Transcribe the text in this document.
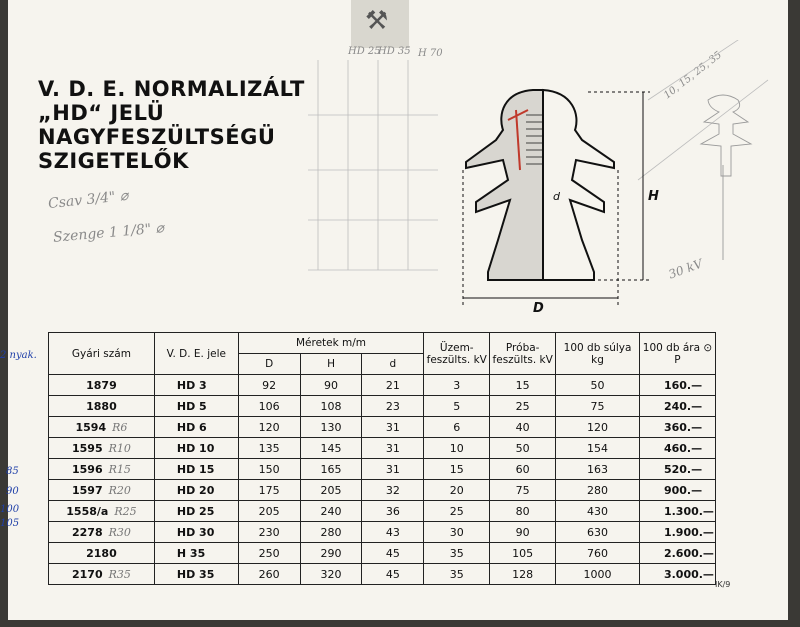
⚒
V. D. E. NORMALIZÁLT
„HD“ JELÜ
NAGYFESZÜLTSÉGÜ
SZIGETELŐK
Csav 3/4" ⌀
Szenge 1 1/8" ⌀
HD 25
HD 35 H 70	10, 15, 25, 35
30 kV
D
H
d
2 nyak.
85
90
100
105
Gyári szám	V. D. E. jele	Méretek m/m			Üzem- feszülts. kV	Próba- feszülts. kV	100 db súlya kg	100 db ára ⊙ P
		D	H	d				
1879	HD 3	92	90	21	3	15	50	160.—
1880	HD 5	106	108	23	5	25	75	240.—
1594 R6	HD 6	120	130	31	6	40	120	360.—
1595 R10	HD 10	135	145	31	10	50	154	460.—
1596 R15	HD 15	150	165	31	15	60	163	520.—
1597 R20	HD 20	175	205	32	20	75	280	900.—
1558/a R25	HD 25	205	240	36	25	80	430	1.300.—
2278 R30	HD 30	230	280	43	30	90	630	1.900.—
2180	H 35	250	290	45	35	105	760	2.600.—
2170 R35	HD 35	260	320	45	35	128	1000	3.000.—
IK/9
